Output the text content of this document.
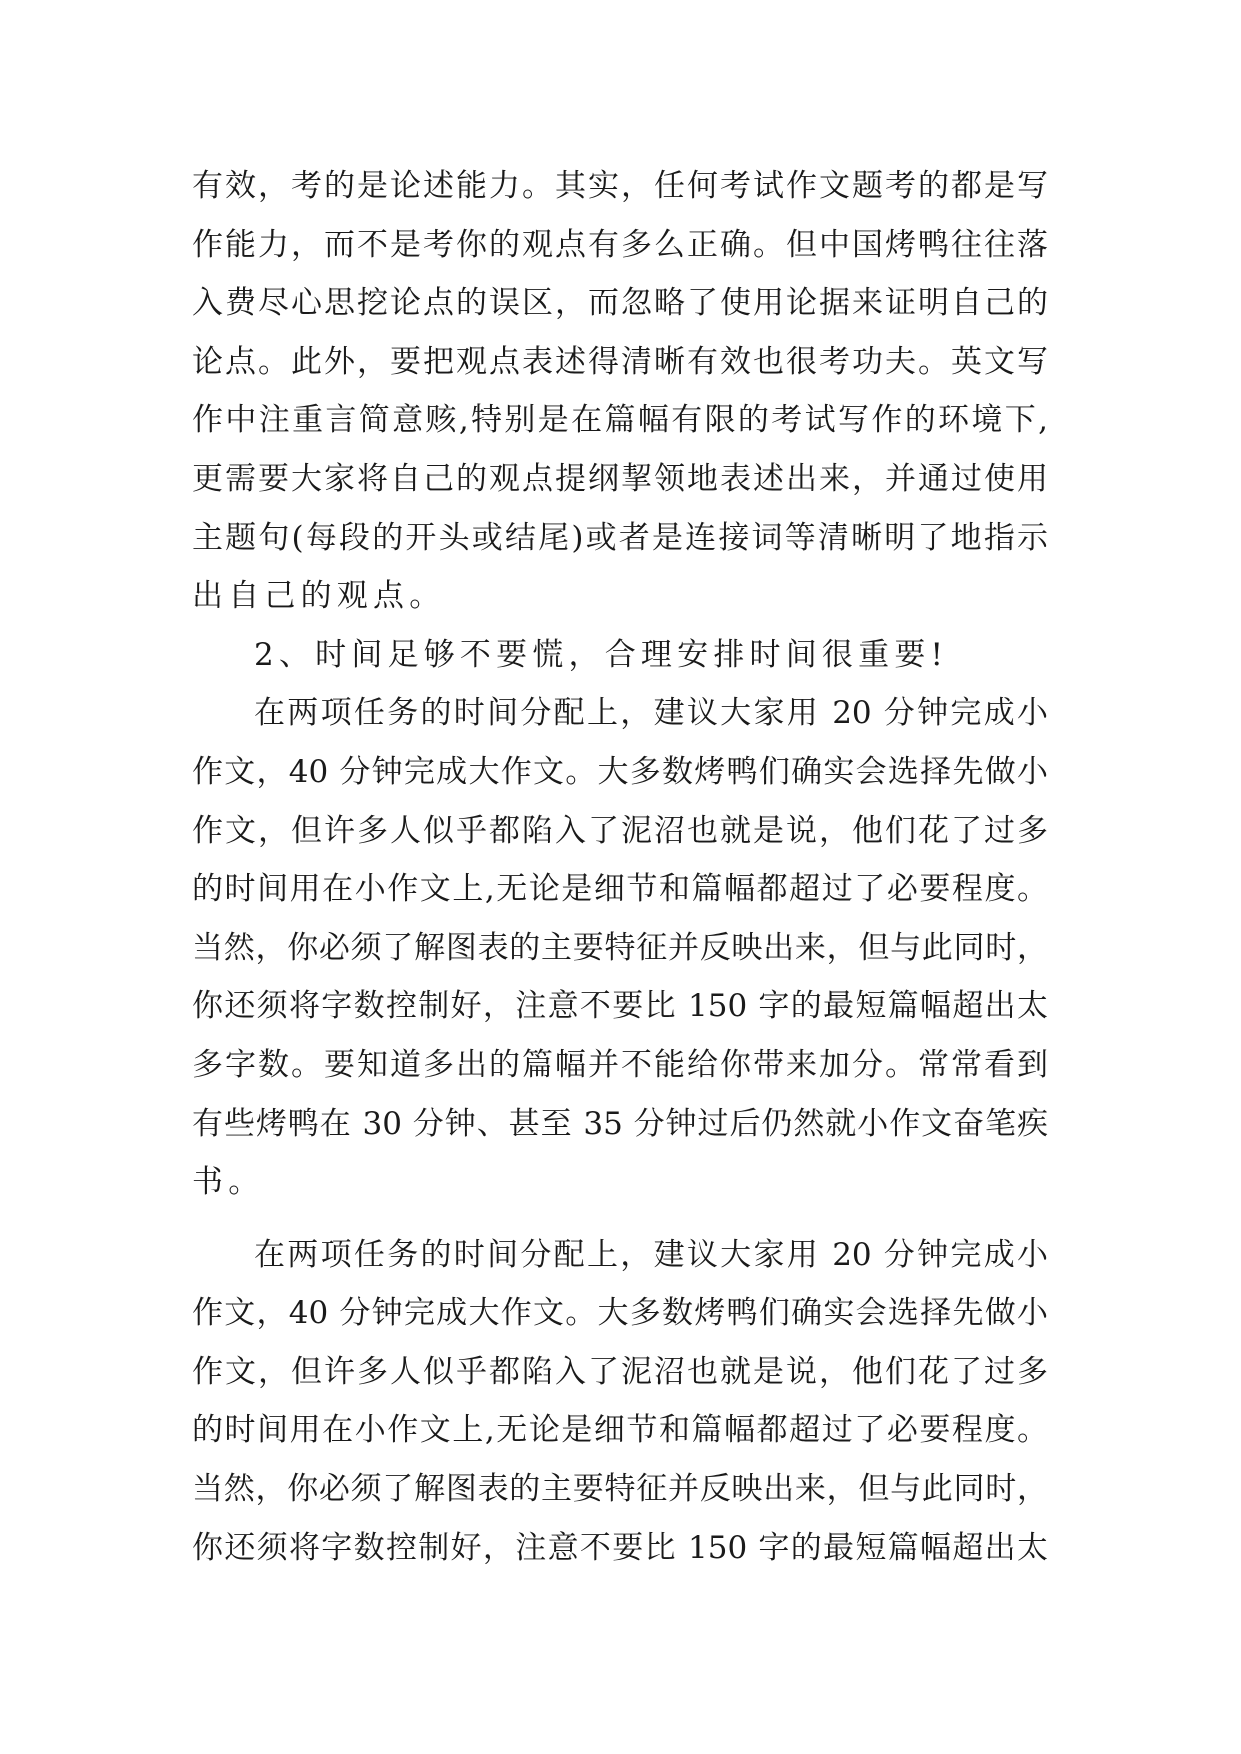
有效，考的是论述能力。其实，任何考试作文题考的都是写
作能力，而不是考你的观点有多么正确。但中国烤鸭往往落
入费尽心思挖论点的误区，而忽略了使用论据来证明自己的
论点。此外，要把观点表述得清晰有效也很考功夫。英文写
作中注重言简意赅,特别是在篇幅有限的考试写作的环境下,
更需要大家将自己的观点提纲挈领地表述出来，并通过使用
主题句(每段的开头或结尾)或者是连接词等清晰明了地指示
出自己的观点。
2、时间足够不要慌，合理安排时间很重要!
在两项任务的时间分配上，建议大家用 20 分钟完成小
作文，40 分钟完成大作文。大多数烤鸭们确实会选择先做小
作文，但许多人似乎都陷入了泥沼也就是说，他们花了过多
的时间用在小作文上,无论是细节和篇幅都超过了必要程度。
当然，你必须了解图表的主要特征并反映出来，但与此同时，
你还须将字数控制好，注意不要比 150 字的最短篇幅超出太
多字数。要知道多出的篇幅并不能给你带来加分。常常看到
有些烤鸭在 30 分钟、甚至 35 分钟过后仍然就小作文奋笔疾
书。
在两项任务的时间分配上，建议大家用 20 分钟完成小
作文，40 分钟完成大作文。大多数烤鸭们确实会选择先做小
作文，但许多人似乎都陷入了泥沼也就是说，他们花了过多
的时间用在小作文上,无论是细节和篇幅都超过了必要程度。
当然，你必须了解图表的主要特征并反映出来，但与此同时，
你还须将字数控制好，注意不要比 150 字的最短篇幅超出太
